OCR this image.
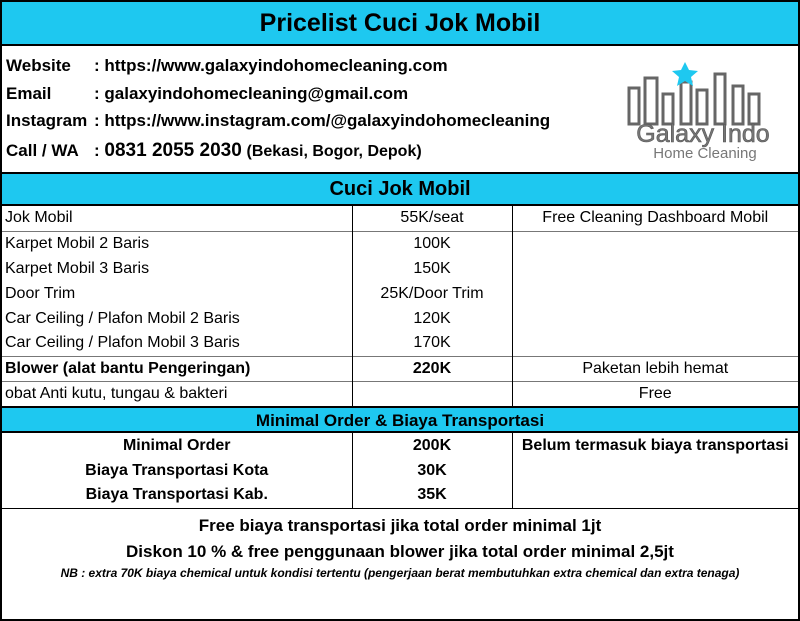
Pricelist Cuci Jok Mobil
Website : https://www.galaxyindohomecleaning.com
Email	: galaxyindohomecleaning@gmail.com
Instagram : https://www.instagram.com/@galaxyindohomecleaning
Call / WA : 0831 2055 2030 (Bekasi, Bogor, Depok)
Galaxy Indo
Home Cleaning
Cuci Jok Mobil
Jok Mobil	55K/seat	Free Cleaning Dashboard Mobil
Karpet Mobil 2 Baris	100K	
Karpet Mobil 3 Baris	150K	
Door Trim	25K/Door Trim	
Car Ceiling / Plafon Mobil 2 Baris	120K	
Car Ceiling / Plafon Mobil 3 Baris	170K	
Blower (alat bantu Pengeringan)	220K	Paketan lebih hemat
obat Anti kutu, tungau & bakteri		Free
Minimal Order & Biaya Transportasi
Minimal Order	200K	Belum termasuk biaya transportasi
Biaya Transportasi Kota	30K	
Biaya Transportasi Kab.	35K	
Free biaya transportasi jika total order minimal 1jt
Diskon 10 % & free penggunaan blower jika total order minimal 2,5jt
NB : extra 70K biaya chemical untuk kondisi tertentu (pengerjaan berat membutuhkan extra chemical dan extra tenaga)
